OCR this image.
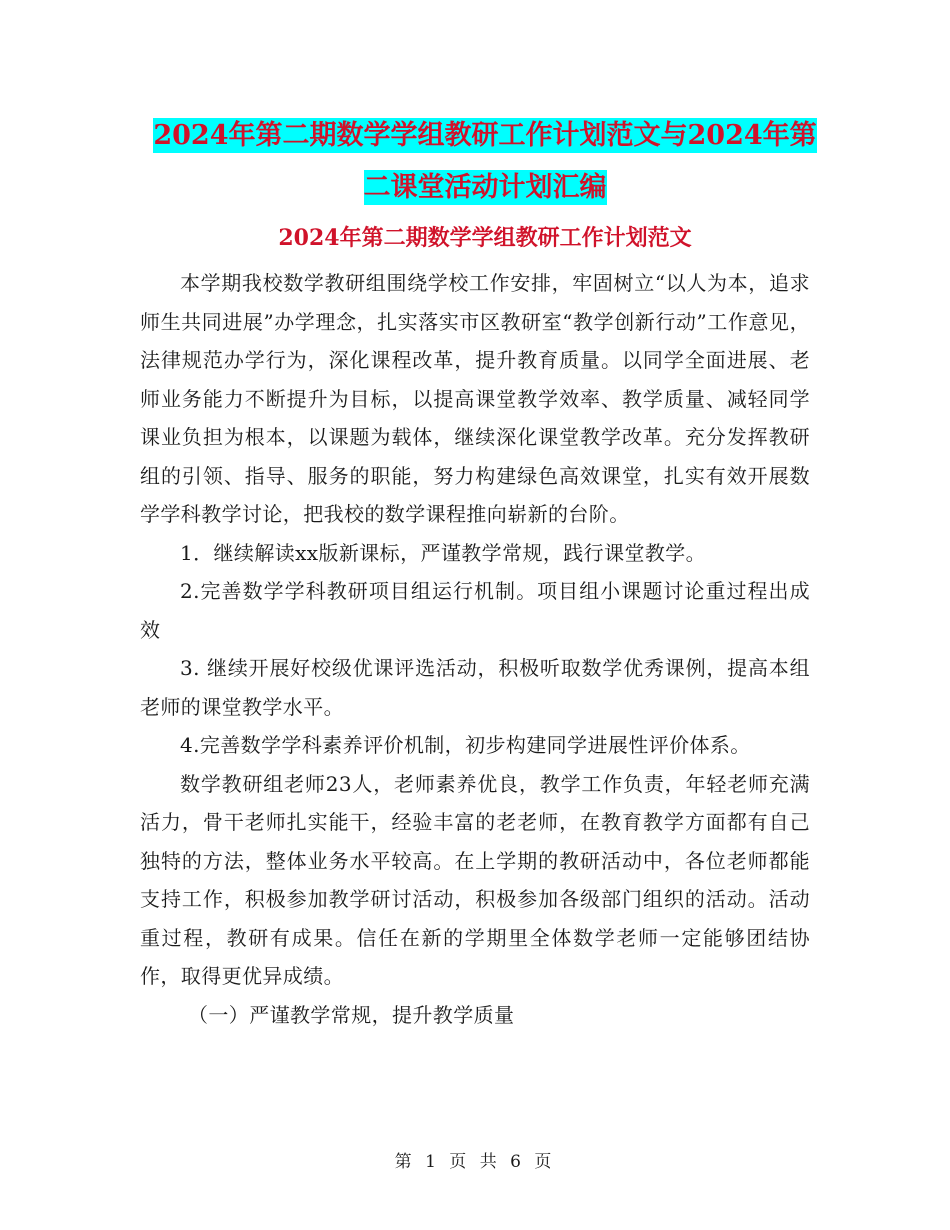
2024年第二期数学学组教研工作计划范文与2024年第
二课堂活动计划汇编
2024年第二期数学学组教研工作计划范文

本学期我校数学教研组围绕学校工作安排，牢固树立“以人为本，追求师生共同进展”办学理念，扎实落实市区教研室“教学创新行动”工作意见，法律规范办学行为，深化课程改革，提升教育质量。以同学全面进展、老师业务能力不断提升为目标，以提高课堂教学效率、教学质量、减轻同学课业负担为根本，以课题为载体，继续深化课堂教学改革。充分发挥教研组的引领、指导、服务的职能，努力构建绿色高效课堂，扎实有效开展数学学科教学讨论，把我校的数学课程推向崭新的台阶。

1．继续解读xx版新课标，严谨教学常规，践行课堂教学。

2.完善数学学科教研项目组运行机制。项目组小课题讨论重过程出成效

3. 继续开展好校级优课评选活动，积极听取数学优秀课例，提高本组老师的课堂教学水平。

4.完善数学学科素养评价机制，初步构建同学进展性评价体系。

数学教研组老师23人，老师素养优良，教学工作负责，年轻老师充满活力，骨干老师扎实能干，经验丰富的老老师，在教育教学方面都有自己独特的方法，整体业务水平较高。在上学期的教研活动中，各位老师都能支持工作，积极参加教学研讨活动，积极参加各级部门组织的活动。活动重过程，教研有成果。信任在新的学期里全体数学老师一定能够团结协作，取得更优异成绩。

（一）严谨教学常规，提升教学质量

第 1 页 共 6 页
